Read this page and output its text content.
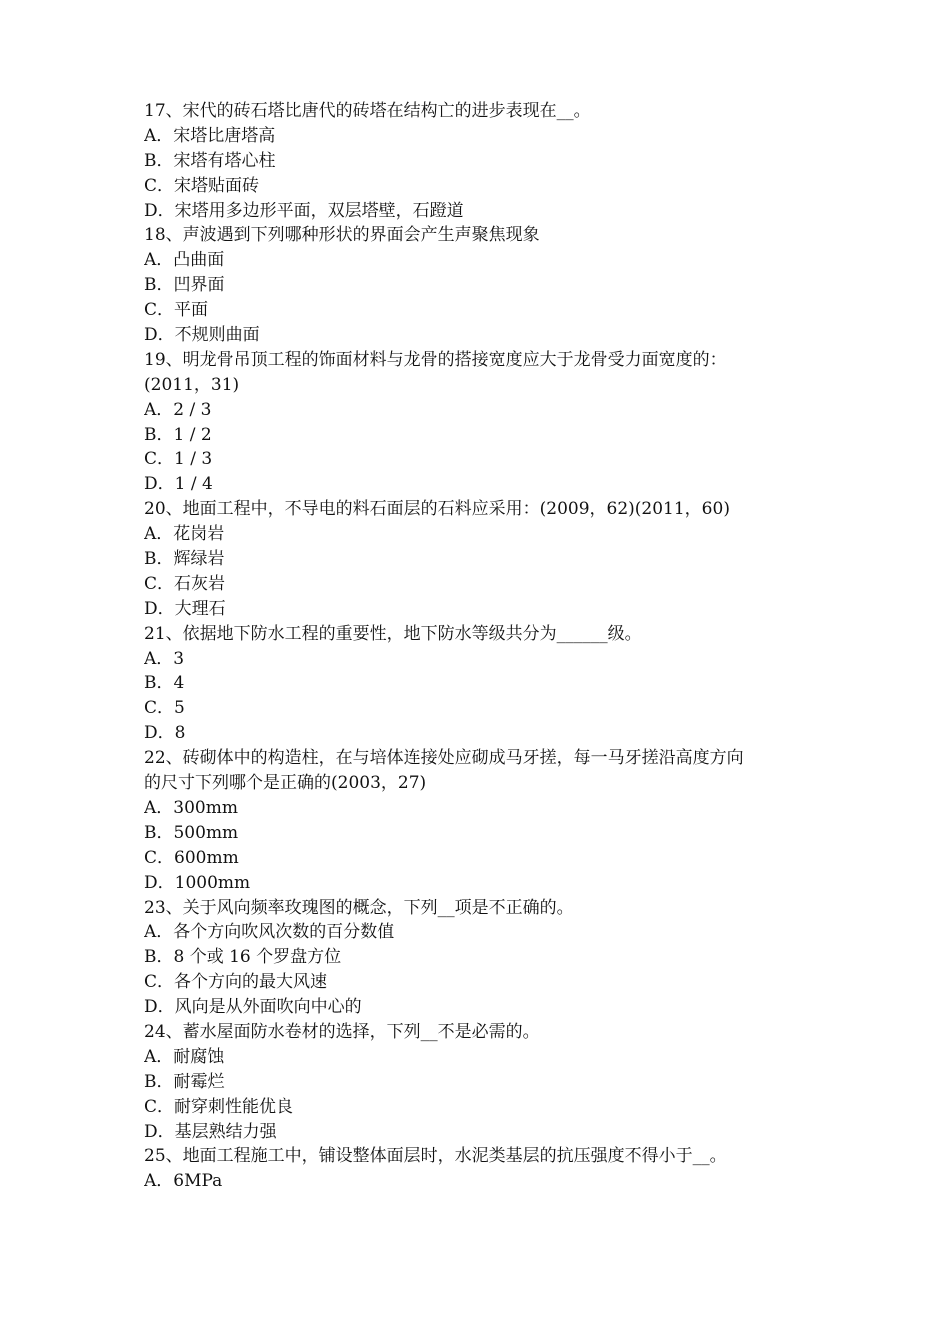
17、宋代的砖石塔比唐代的砖塔在结构亡的进步表现在__。
A．宋塔比唐塔高
B．宋塔有塔心柱
C．宋塔贴面砖
D．宋塔用多边形平面，双层塔壁，石蹬道
18、声波遇到下列哪种形状的界面会产生声聚焦现象
A．凸曲面
B．凹界面
C．平面
D．不规则曲面
19、明龙骨吊顶工程的饰面材料与龙骨的搭接宽度应大于龙骨受力面宽度的：
(2011，31)
A．2 / 3
B．1 / 2
C．1 / 3
D．1 / 4
20、地面工程中，不导电的料石面层的石料应采用：(2009，62)(2011，60)
A．花岗岩
B．辉绿岩
C．石灰岩
D．大理石
21、依据地下防水工程的重要性，地下防水等级共分为______级。
A．3
B．4
C．5
D．8
22、砖砌体中的构造柱，在与培体连接处应砌成马牙搓，每一马牙搓沿高度方向
的尺寸下列哪个是正确的(2003，27)
A．300mm
B．500mm
C．600mm
D．1000mm
23、关于风向频率玫瑰图的概念，下列__项是不正确的。
A．各个方向吹风次数的百分数值
B．8 个或 16 个罗盘方位
C．各个方向的最大风速
D．风向是从外面吹向中心的
24、蓄水屋面防水卷材的选择，下列__不是必需的。
A．耐腐蚀
B．耐霉烂
C．耐穿刺性能优良
D．基层熟结力强
25、地面工程施工中，铺设整体面层时，水泥类基层的抗压强度不得小于__。
A．6MPa
